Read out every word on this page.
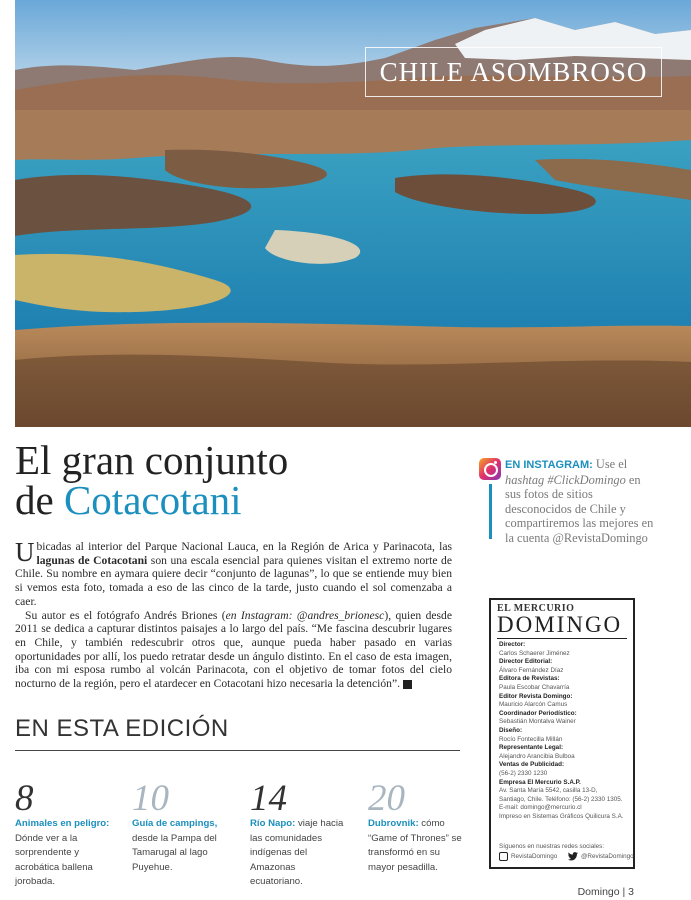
CHILE ASOMBROSO
El gran conjunto
de Cotacotani
EN INSTAGRAM: Use el hashtag #ClickDomingo en sus fotos de sitios desconocidos de Chile y compartiremos las mejores en la cuenta @RevistaDomingo

Ubicadas al interior del Parque Nacional Lauca, en la Región de Arica y Parinacota, las lagunas de Cotacotani son una escala esencial para quienes visitan el extremo norte de Chile. Su nombre en aymara quiere decir “conjunto de lagunas”, lo que se entiende muy bien si vemos esta foto, tomada a eso de las cinco de la tarde, justo cuando el sol comenzaba a caer.

Su autor es el fotógrafo Andrés Briones (en Instagram: @andres_brionesc), quien desde 2011 se dedica a capturar distintos paisajes a lo largo del país. “Me fascina descubrir lugares en Chile, y también redescubrir otros que, aunque pueda haber pasado en varias oportunidades por allí, los puedo retratar desde un ángulo distinto. En el caso de esta imagen, iba con mi esposa rumbo al volcán Parinacota, con el objetivo de tomar fotos del cielo nocturno de la región, pero el atardecer en Cotacotani hizo necesaria la detención”. D

EL MERCURIO
DOMINGO
Director:
Carlos Schaerer Jiménez
Director Editorial:
Álvaro Fernández Díaz
Editora de Revistas:
Paula Escobar Chavarría
Editor Revista Domingo:
Mauricio Alarcón Camus
Coordinador Periodístico:
Sebastián Montalva Wainer
Diseño:
Rocío Fontecilla Millán
Representante Legal:
Alejandro Arancibia Bulboa
Ventas de Publicidad:
(56-2) 2330 1230
Empresa El Mercurio S.A.P.
Av. Santa María 5542, casilla 13-D,
Santiago, Chile. Teléfono: (56-2) 2330 1305.
E-mail: domingo@mercurio.cl
Impreso en Sistemas Gráficos Quilicura S.A.
Síguenos en nuestras redes sociales:
RevistaDomingo	@RevistaDomingo
EN ESTA EDICIÓN
8
Animales en peligro: Dónde ver a la sorprendente y acrobática ballena jorobada.
10
Guía de campings, desde la Pampa del Tamarugal al lago Puyehue.
14
Río Napo: viaje hacia las comunidades indígenas del Amazonas ecuatoriano.
20
Dubrovnik: cómo “Game of Thrones” se transformó en su mayor pesadilla.
Domingo | 3
